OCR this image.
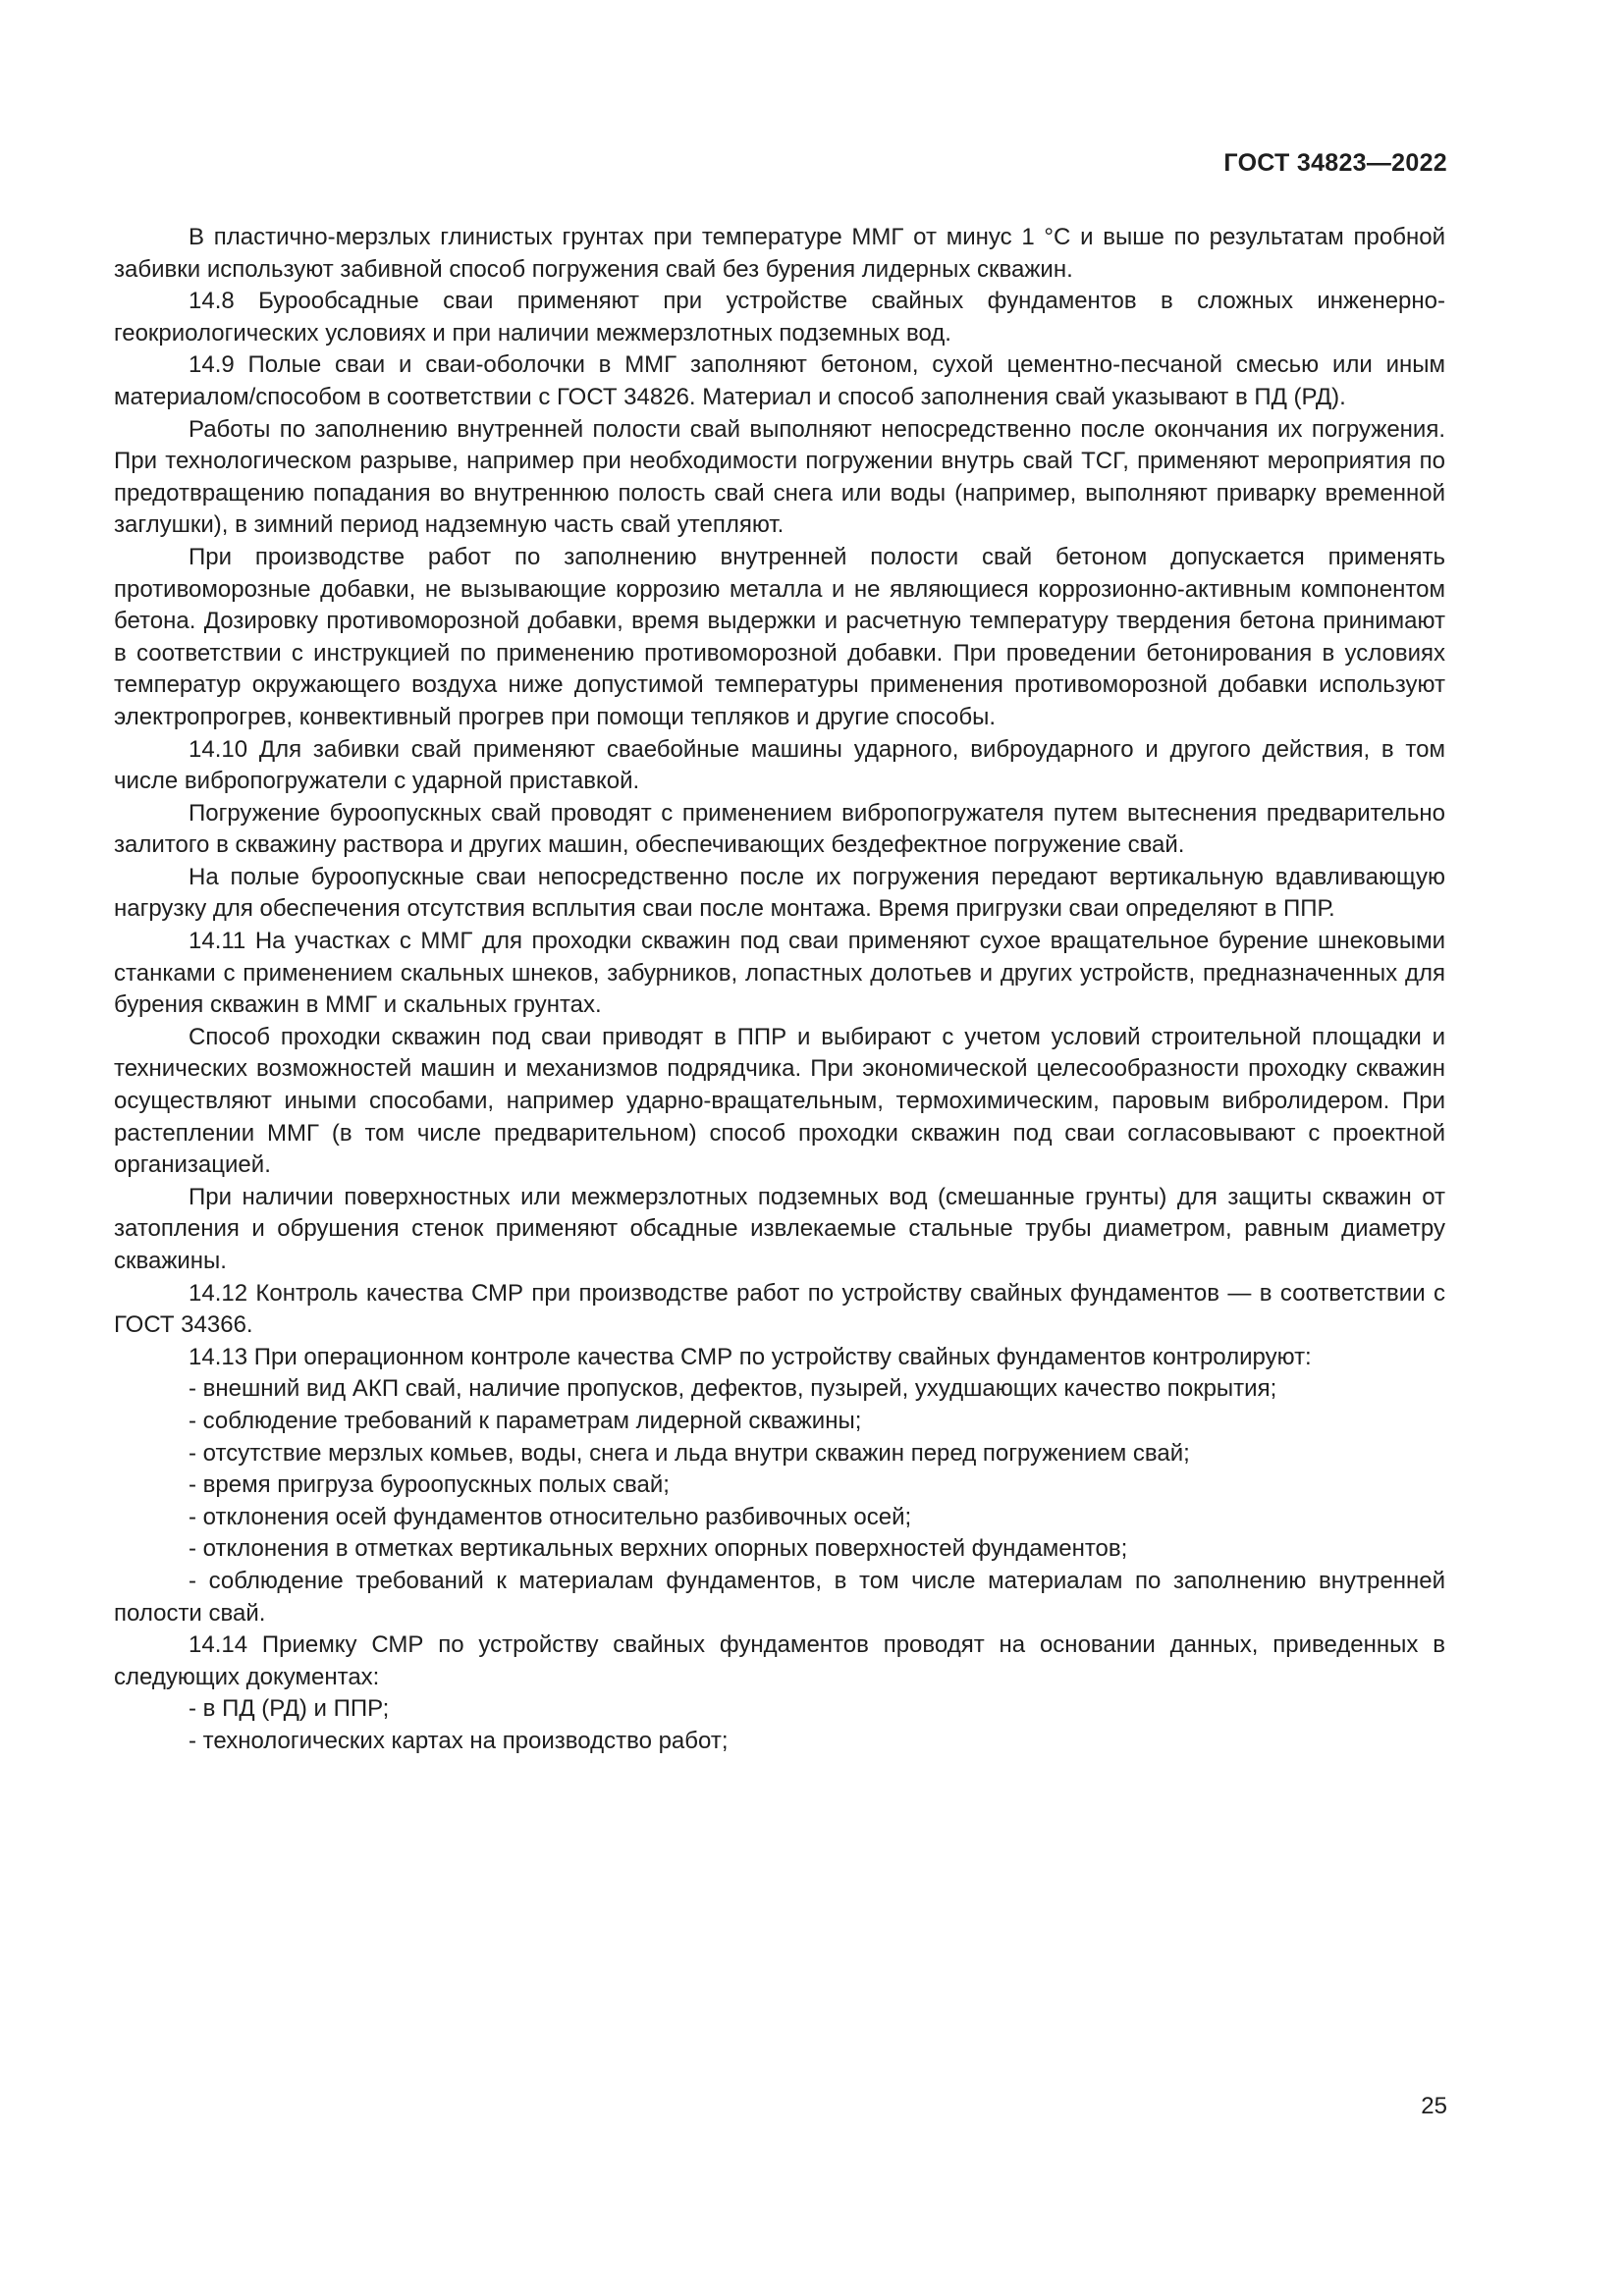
ГОСТ 34823—2022

В пластично-мерзлых глинистых грунтах при температуре ММГ от минус 1 °С и выше по результатам пробной забивки используют забивной способ погружения свай без бурения лидерных скважин.

14.8 Бурообсадные сваи применяют при устройстве свайных фундаментов в сложных инженерно-геокриологических условиях и при наличии межмерзлотных подземных вод.

14.9 Полые сваи и сваи-оболочки в ММГ заполняют бетоном, сухой цементно-песчаной смесью или иным материалом/способом в соответствии с ГОСТ 34826. Материал и способ заполнения свай указывают в ПД (РД).

Работы по заполнению внутренней полости свай выполняют непосредственно после окончания их погружения. При технологическом разрыве, например при необходимости погружении внутрь свай ТСГ, применяют мероприятия по предотвращению попадания во внутреннюю полость свай снега или воды (например, выполняют приварку временной заглушки), в зимний период надземную часть свай утепляют.

При производстве работ по заполнению внутренней полости свай бетоном допускается применять противоморозные добавки, не вызывающие коррозию металла и не являющиеся коррозионно-активным компонентом бетона. Дозировку противоморозной добавки, время выдержки и расчетную температуру твердения бетона принимают в соответствии с инструкцией по применению противоморозной добавки. При проведении бетонирования в условиях температур окружающего воздуха ниже допустимой температуры применения противоморозной добавки используют электропрогрев, конвективный прогрев при помощи тепляков и другие способы.

14.10 Для забивки свай применяют сваебойные машины ударного, виброударного и другого действия, в том числе вибропогружатели с ударной приставкой.

Погружение буроопускных свай проводят с применением вибропогружателя путем вытеснения предварительно залитого в скважину раствора и других машин, обеспечивающих бездефектное погружение свай.

На полые буроопускные сваи непосредственно после их погружения передают вертикальную вдавливающую нагрузку для обеспечения отсутствия всплытия сваи после монтажа. Время пригрузки сваи определяют в ППР.

14.11 На участках с ММГ для проходки скважин под сваи применяют сухое вращательное бурение шнековыми станками с применением скальных шнеков, забурников, лопастных долотьев и других устройств, предназначенных для бурения скважин в ММГ и скальных грунтах.

Способ проходки скважин под сваи приводят в ППР и выбирают с учетом условий строительной площадки и технических возможностей машин и механизмов подрядчика. При экономической целесообразности проходку скважин осуществляют иными способами, например ударно-вращательным, термохимическим, паровым вибролидером. При растеплении ММГ (в том числе предварительном) способ проходки скважин под сваи согласовывают с проектной организацией.

При наличии поверхностных или межмерзлотных подземных вод (смешанные грунты) для защиты скважин от затопления и обрушения стенок применяют обсадные извлекаемые стальные трубы диаметром, равным диаметру скважины.

14.12 Контроль качества СМР при производстве работ по устройству свайных фундаментов — в соответствии с ГОСТ 34366.

14.13 При операционном контроле качества СМР по устройству свайных фундаментов контролируют:

- внешний вид АКП свай, наличие пропусков, дефектов, пузырей, ухудшающих качество покрытия;
- соблюдение требований к параметрам лидерной скважины;
- отсутствие мерзлых комьев, воды, снега и льда внутри скважин перед погружением свай;
- время пригруза буроопускных полых свай;
- отклонения осей фундаментов относительно разбивочных осей;
- отклонения в отметках вертикальных верхних опорных поверхностей фундаментов;
- соблюдение требований к материалам фундаментов, в том числе материалам по заполнению внутренней полости свай.

14.14 Приемку СМР по устройству свайных фундаментов проводят на основании данных, приведенных в следующих документах:

- в ПД (РД) и ППР;
- технологических картах на производство работ;
25
